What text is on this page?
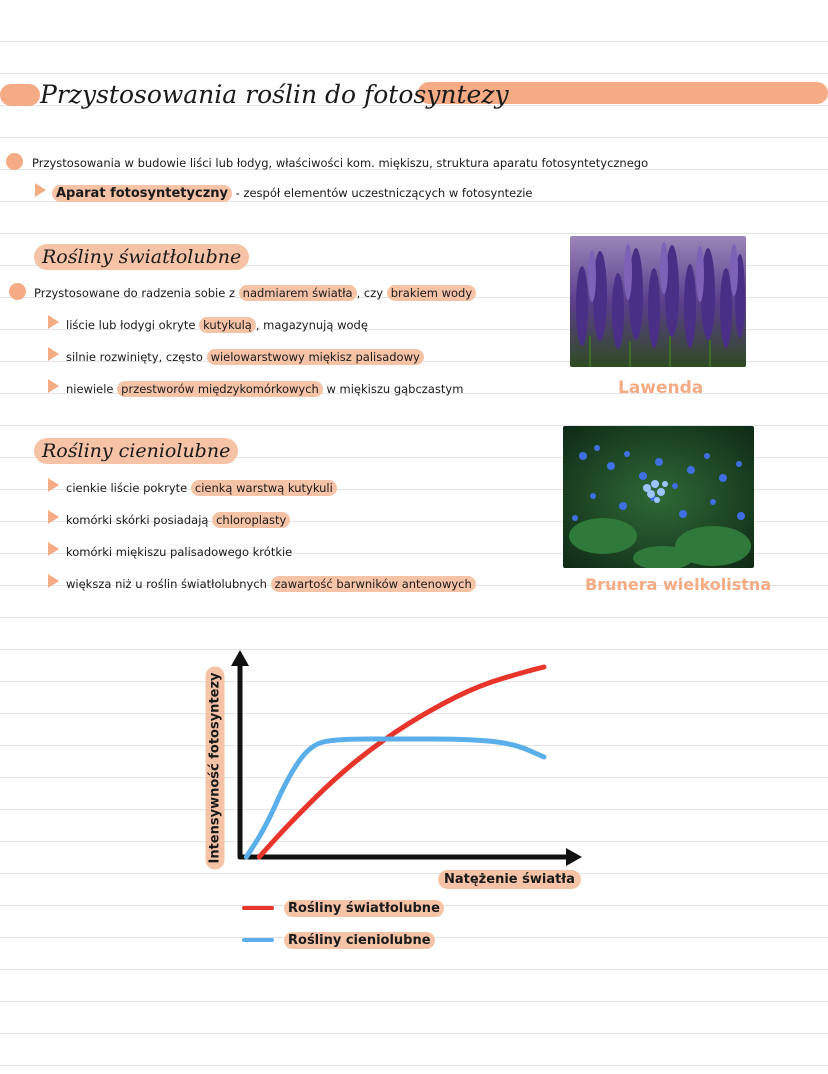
Przystosowania roślin do fotosyntezy
Przystosowania w budowie liści lub łodyg, właściwości kom. miękiszu, struktura aparatu fotosyntetycznego
Aparat fotosyntetyczny - zespół elementów uczestniczących w fotosyntezie
Rośliny światłolubne
Przystosowane do radzenia sobie z nadmiarem światła , czy brakiem wody
liście lub łodygi okryte kutykulą , magazynują wodę
silnie rozwinięty, często wielowarstwowy miękisz palisadowy
niewiele przestworów międzykomórkowych w miękiszu gąbczastym	Lawenda
Rośliny cieniolubne
cienkie liście pokryte cienką warstwą kutykuli
komórki skórki posiadają chloroplasty
komórki miękiszu palisadowego krótkie
większa niż u roślin światłolubnych zawartość barwników antenowych	Brunera wielkolistna
Intensywność fotosyntezy
Natężenie światła
Rośliny światłolubne
Rośliny cieniolubne
